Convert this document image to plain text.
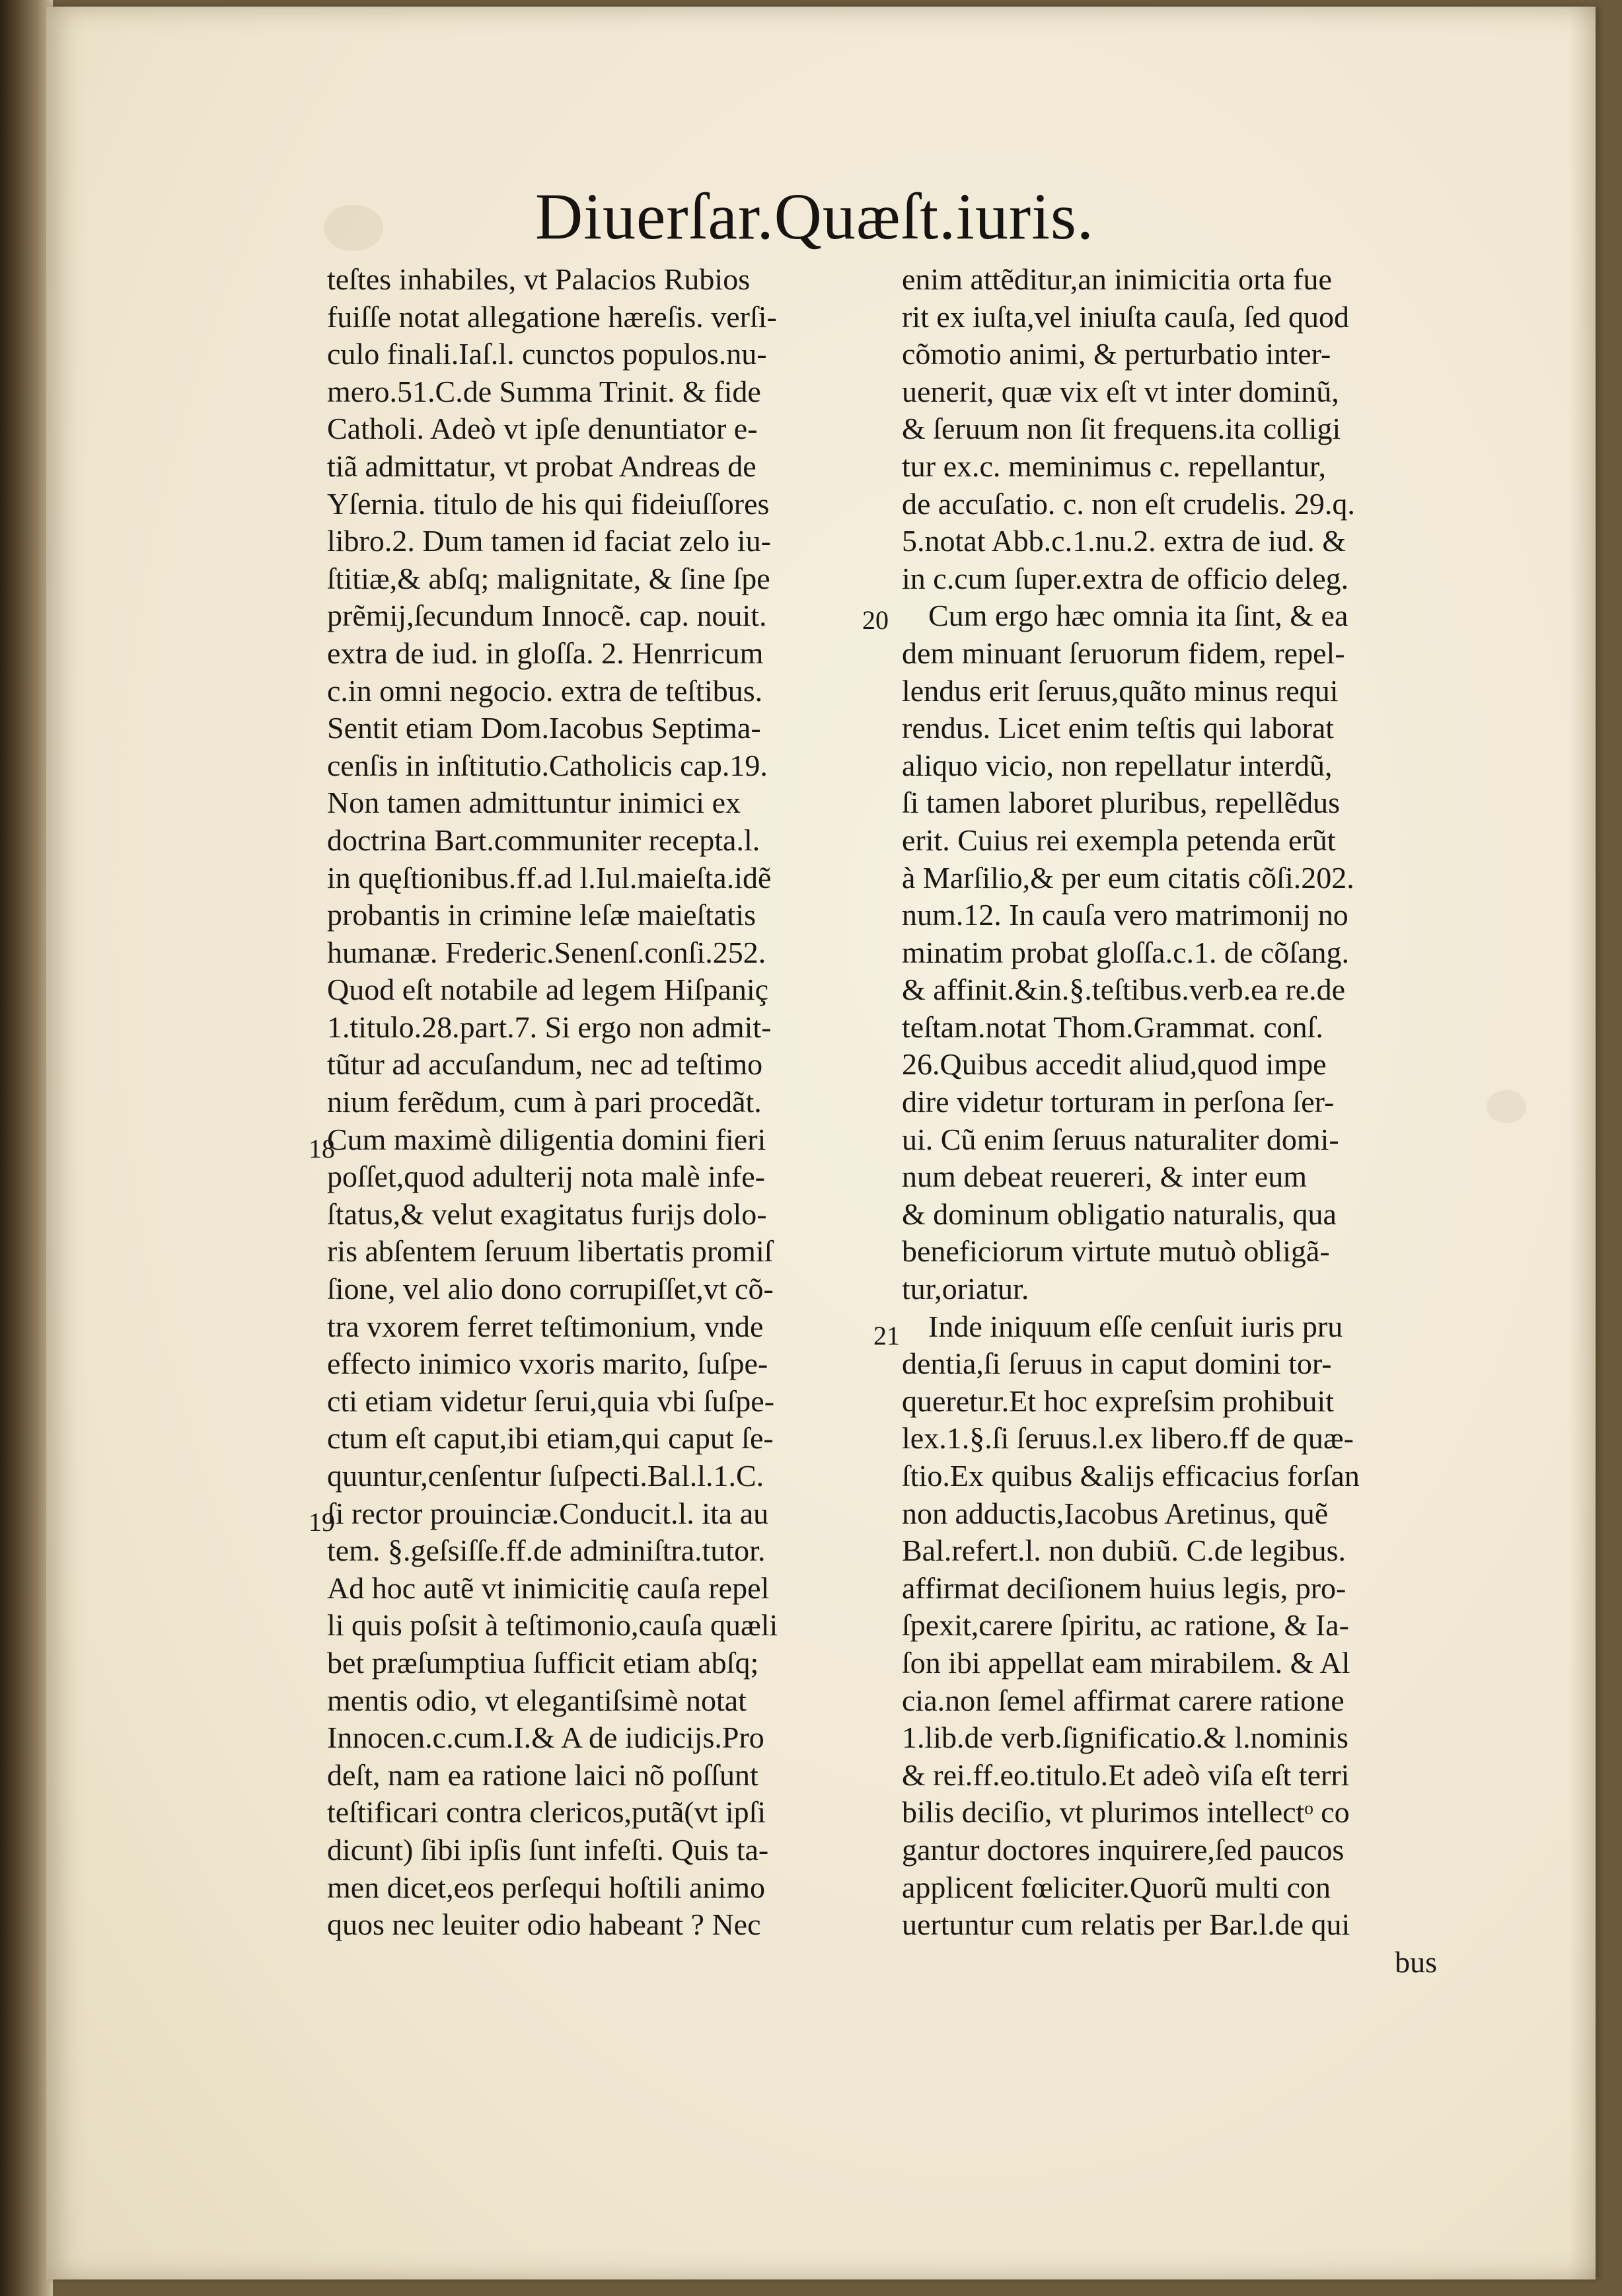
Diuerſar.Quæſt.iuris.
teſtes inhabiles, vt Palacios Rubios
fuiſſe notat allegatione hæreſis. verſi-
culo finali.Iaſ.l. cunctos populos.nu-
mero.51.C.de Summa Trinit. & fide
Catholi. Adeò vt ipſe denuntiator e-
tiã admittatur, vt probat Andreas de
Yſernia. titulo de his qui fideiuſſores
libro.2. Dum tamen id faciat zelo iu-
ſtitiæ,& abſq; malignitate, & ſine ſpe
prẽmij,ſecundum Innocẽ. cap. nouit.
extra de iud. in gloſſa. 2. Henrricum
c.in omni negocio. extra de teſtibus.
Sentit etiam Dom.Iacobus Septima-
cenſis in inſtitutio.Catholicis cap.19.
Non tamen admittuntur inimici ex
doctrina Bart.communiter recepta.l.
in quęſtionibus.ff.ad l.Iul.maieſta.idẽ
probantis in crimine leſæ maieſtatis
humanæ. Frederic.Senenſ.conſi.252.
Quod eſt notabile ad legem Hiſpaniç
1.titulo.28.part.7. Si ergo non admit-
tũtur ad accuſandum, nec ad teſtimo
nium ferẽdum, cum à pari procedãt.
Cum maximè diligentia domini fieri
poſſet,quod adulterij nota malè infe-
ſtatus,& velut exagitatus furijs dolo-
ris abſentem ſeruum libertatis promiſ
ſione, vel alio dono corrupiſſet,vt cõ-
tra vxorem ferret teſtimonium, vnde
effecto inimico vxoris marito, ſuſpe-
cti etiam videtur ſerui,quia vbi ſuſpe-
ctum eſt caput,ibi etiam,qui caput ſe-
quuntur,cenſentur ſuſpecti.Bal.l.1.C.
ſi rector prouinciæ.Conducit.l. ita au
tem. §.geſsiſſe.ff.de adminiſtra.tutor.
Ad hoc autẽ vt inimicitię cauſa repel
li quis poſsit à teſtimonio,cauſa quæli
bet præſumptiua ſufficit etiam abſq;
mentis odio, vt elegantiſsimè notat
Innocen.c.cum.I.& A de iudicijs.Pro
deſt, nam ea ratione laici nõ poſſunt
teſtificari contra clericos,putã(vt ipſi
dicunt) ſibi ipſis ſunt infeſti. Quis ta-
men dicet,eos perſequi hoſtili animo
quos nec leuiter odio habeant ? Nec
enim attẽditur,an inimicitia orta fue
rit ex iuſta,vel iniuſta cauſa, ſed quod
cõmotio animi, & perturbatio inter-
uenerit, quæ vix eſt vt inter dominũ,
& ſeruum non ſit frequens.ita colligi
tur ex.c. meminimus c. repellantur,
de accuſatio. c. non eſt crudelis. 29.q.
5.notat Abb.c.1.nu.2. extra de iud. &
in c.cum ſuper.extra de officio deleg.
Cum ergo hæc omnia ita ſint, & ea
dem minuant ſeruorum fidem, repel-
lendus erit ſeruus,quãto minus requi
rendus. Licet enim teſtis qui laborat
aliquo vicio, non repellatur interdũ,
ſi tamen laboret pluribus, repellẽdus
erit. Cuius rei exempla petenda erũt
à Marſilio,& per eum citatis cõſi.202.
num.12. In cauſa vero matrimonij no
minatim probat gloſſa.c.1. de cõſang.
& affinit.&in.§.teſtibus.verb.ea re.de
teſtam.notat Thom.Grammat. conſ.
26.Quibus accedit aliud,quod impe
dire videtur torturam in perſona ſer-
ui. Cũ enim ſeruus naturaliter domi-
num debeat reuereri, & inter eum
& dominum obligatio naturalis, qua
beneficiorum virtute mutuò obligã-
tur,oriatur.
Inde iniquum eſſe cenſuit iuris pru
dentia,ſi ſeruus in caput domini tor-
queretur.Et hoc expreſsim prohibuit
lex.1.§.ſi ſeruus.l.ex libero.ff de quæ-
ſtio.Ex quibus &alijs efficacius forſan
non adductis,Iacobus Aretinus, quẽ
Bal.refert.l. non dubiũ. C.de legibus.
affirmat deciſionem huius legis, pro-
ſpexit,carere ſpiritu, ac ratione, & Ia-
ſon ibi appellat eam mirabilem. & Al
cia.non ſemel affirmat carere ratione
1.lib.de verb.ſignificatio.& l.nominis
& rei.ff.eo.titulo.Et adeò viſa eſt terri
bilis deciſio, vt plurimos intellectᵒ co
gantur doctores inquirere,ſed paucos
applicent fœliciter.Quorũ multi con
uertuntur cum relatis per Bar.l.de qui
bus
20
18
21
19
